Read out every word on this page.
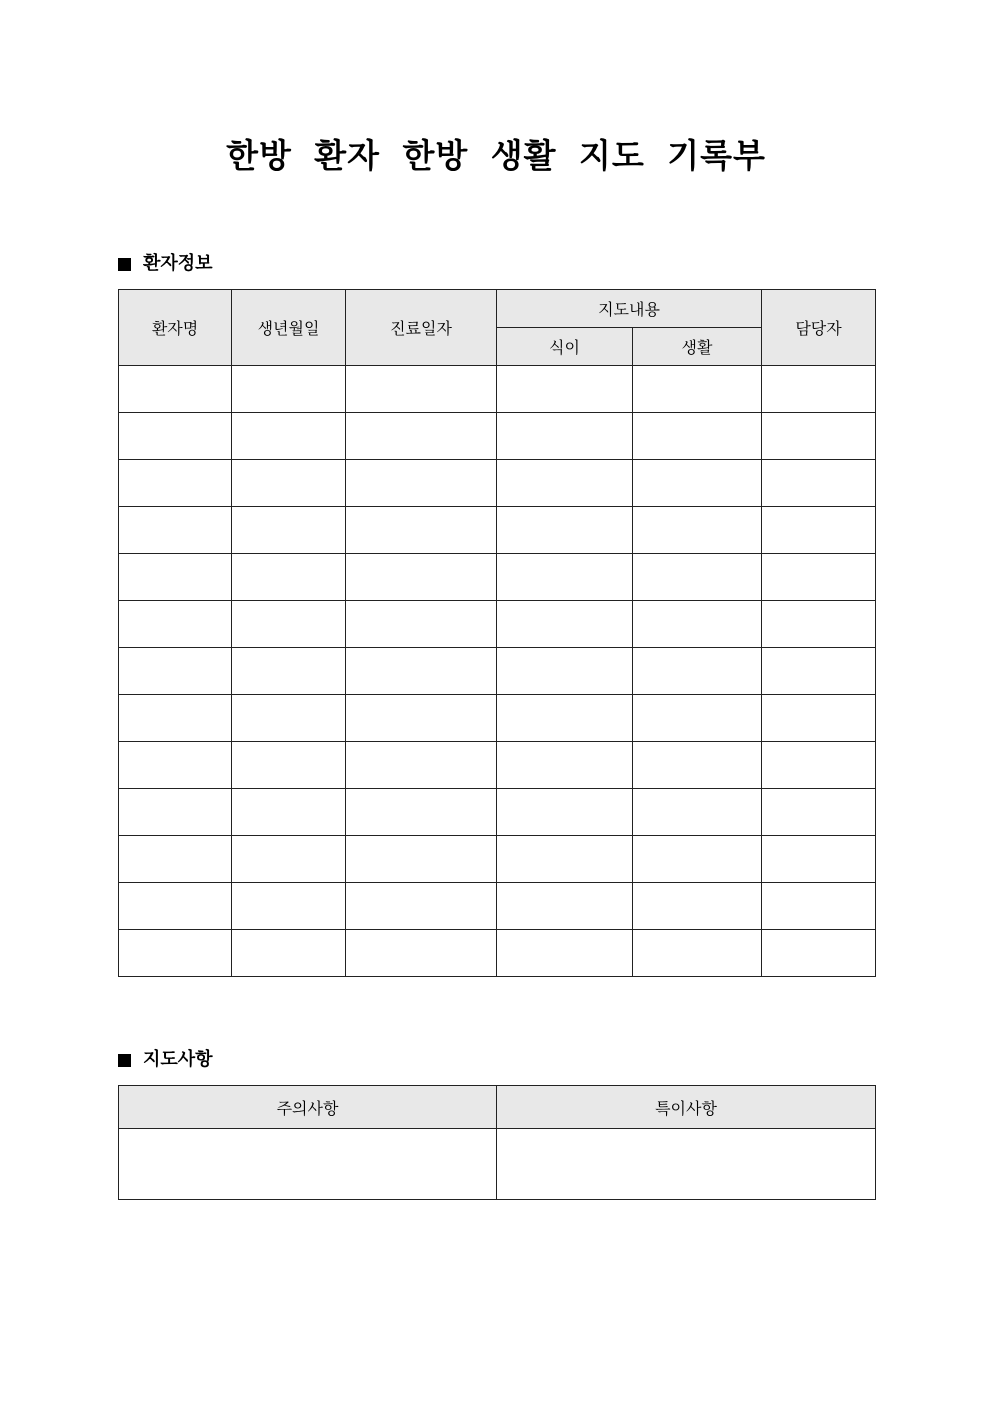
한방 환자 한방 생활 지도 기록부
환자정보
환자명	생년월일	진료일자	지도내용		담당자
			식이	생활	

지도사항
주의사항	특이사항
